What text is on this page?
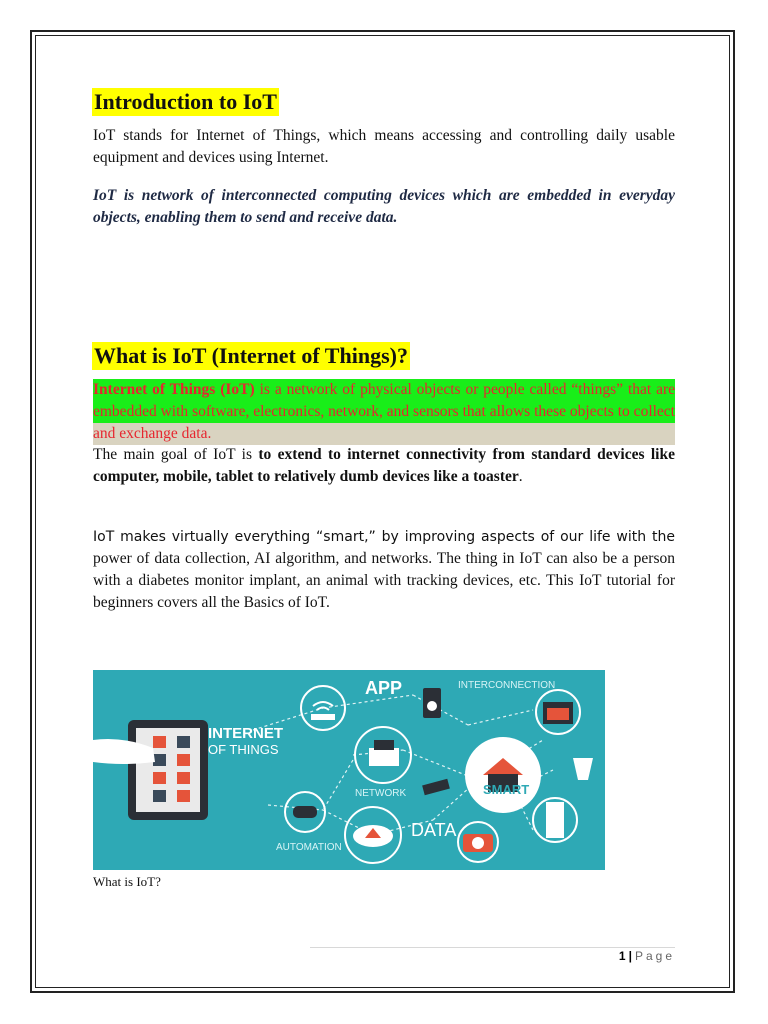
Introduction to IoT

IoT stands for Internet of Things, which means accessing and controlling daily usable equipment and devices using Internet.

IoT is network of interconnected computing devices which are embedded in everyday objects, enabling them to send and receive data.

What is IoT (Internet of Things)?

Internet of Things (IoT) is a network of physical objects or people called “things” that are embedded with software, electronics, network, and sensors that allows these objects to collect and exchange data.

The main goal of IoT is to extend to internet connectivity from standard devices like computer, mobile, tablet to relatively dumb devices like a toaster.

IoT makes virtually everything “smart,” by improving aspects of our life with the power of data collection, AI algorithm, and networks. The thing in IoT can also be a person with a diabetes monitor implant, an animal with tracking devices, etc. This IoT tutorial for beginners covers all the Basics of IoT.

INTERNET
OF THINGS
APP	INTERCONNECTION
NETWORK	SMART
AUTOMATION
DATA

What is IoT?

1 | Page
